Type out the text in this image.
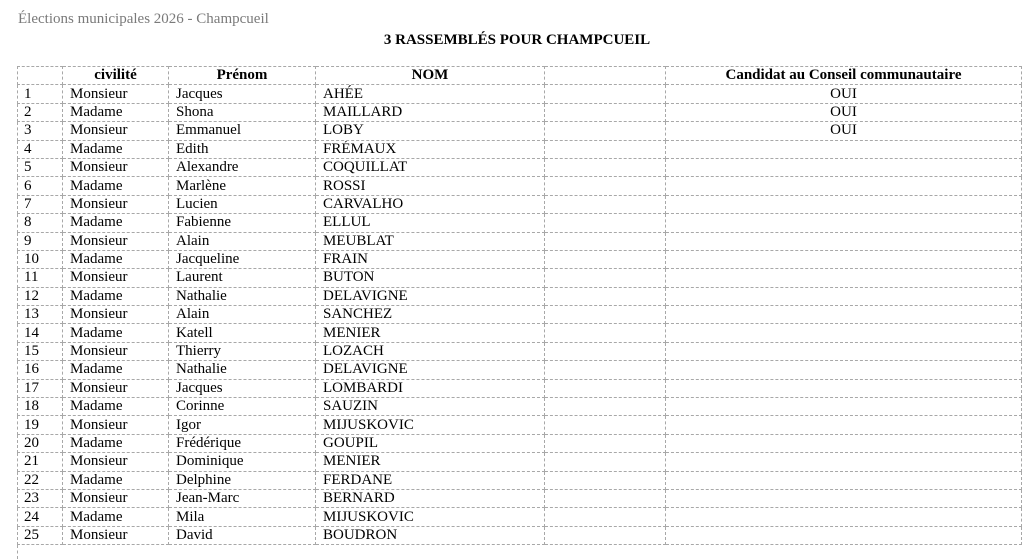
Élections municipales 2026 - Champcueil
3 RASSEMBLÉS POUR CHAMPCUEIL
	civilité	Prénom	NOM		Candidat au Conseil communautaire
1	Monsieur	Jacques	AHÉE		OUI
2	Madame	Shona	MAILLARD		OUI
3	Monsieur	Emmanuel	LOBY		OUI
4	Madame	Edith	FRÉMAUX		
5	Monsieur	Alexandre	COQUILLAT		
6	Madame	Marlène	ROSSI		
7	Monsieur	Lucien	CARVALHO		
8	Madame	Fabienne	ELLUL		
9	Monsieur	Alain	MEUBLAT		
10	Madame	Jacqueline	FRAIN		
11	Monsieur	Laurent	BUTON		
12	Madame	Nathalie	DELAVIGNE		
13	Monsieur	Alain	SANCHEZ		
14	Madame	Katell	MENIER		
15	Monsieur	Thierry	LOZACH		
16	Madame	Nathalie	DELAVIGNE		
17	Monsieur	Jacques	LOMBARDI		
18	Madame	Corinne	SAUZIN		
19	Monsieur	Igor	MIJUSKOVIC		
20	Madame	Frédérique	GOUPIL		
21	Monsieur	Dominique	MENIER		
22	Madame	Delphine	FERDANE		
23	Monsieur	Jean-Marc	BERNARD		
24	Madame	Mila	MIJUSKOVIC		
25	Monsieur	David	BOUDRON		
